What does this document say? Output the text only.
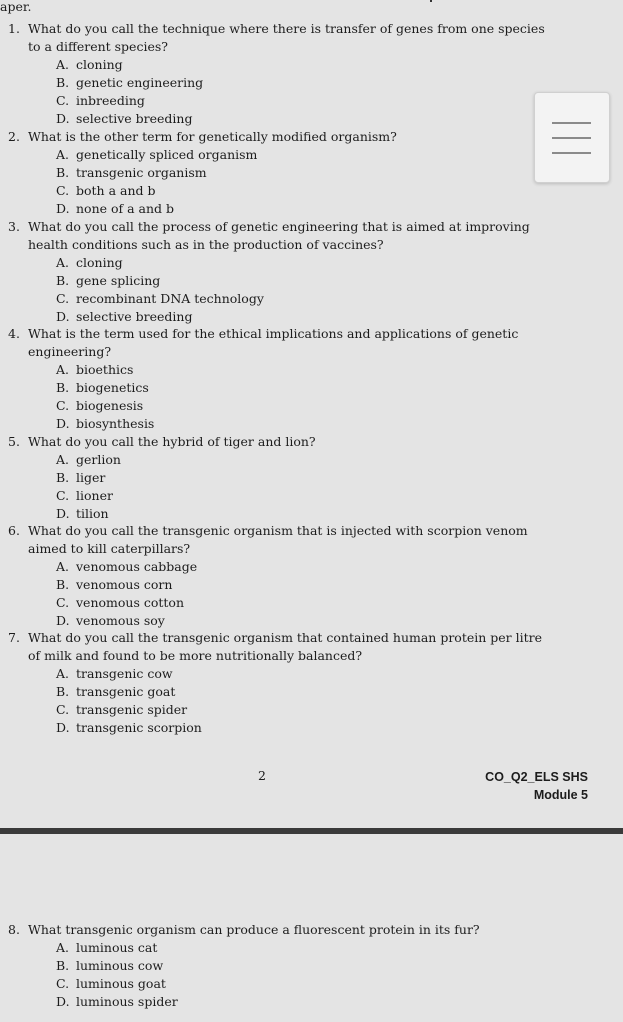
aper.
1. What do you call the technique where there is transfer of genes from one species to a different species?
A. cloning
B. genetic engineering
C. inbreeding
D. selective breeding
2. What is the other term for genetically modified organism?
A. genetically spliced organism
B. transgenic organism
C. both a and b
D. none of a and b
3. What do you call the process of genetic engineering that is aimed at improving health conditions such as in the production of vaccines?
A. cloning
B. gene splicing
C. recombinant DNA technology
D. selective breeding
4. What is the term used for the ethical implications and applications of genetic engineering?
A. bioethics
B. biogenetics
C. biogenesis
D. biosynthesis
5. What do you call the hybrid of tiger and lion?
A. gerlion
B. liger
C. lioner
D. tilion
6. What do you call the transgenic organism that is injected with scorpion venom aimed to kill caterpillars?
A. venomous cabbage
B. venomous corn
C. venomous cotton
D. venomous soy
7. What do you call the transgenic organism that contained human protein per litre of milk and found to be more nutritionally balanced?
A. transgenic cow
B. transgenic goat
C. transgenic spider
D. transgenic scorpion
2	CO_Q2_ELS SHS
Module 5
8. What transgenic organism can produce a fluorescent protein in its fur?
A. luminous cat
B. luminous cow
C. luminous goat
D. luminous spider
